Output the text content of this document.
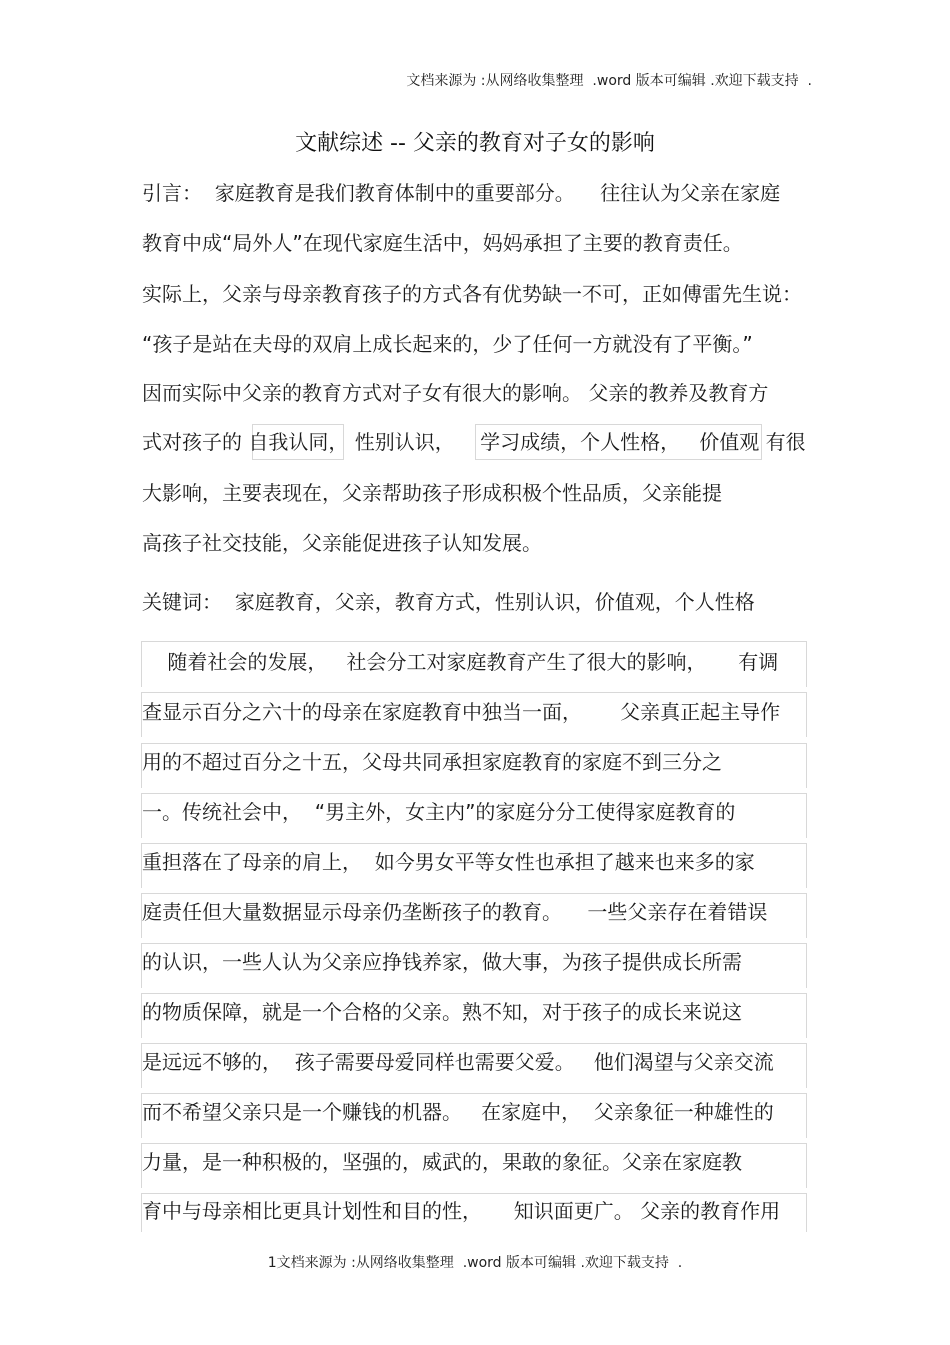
文档来源为 :从网络收集整理  .word 版本可编辑 .欢迎下载支持  .
文献综述 -- 父亲的教育对子女的影响
引言：  家庭教育是我们教育体制中的重要部分。    往往认为父亲在家庭
教育中成“局外人”在现代家庭生活中，妈妈承担了主要的教育责任。
实际上，父亲与母亲教育孩子的方式各有优势缺一不可，正如傅雷先生说：
“孩子是站在夫母的双肩上成长起来的，少了任何一方就没有了平衡。”
因而实际中父亲的教育方式对子女有很大的影响。 父亲的教养及教育方
式对孩子的 自我认同， 性别认识，    学习成绩，个人性格，   价值观 有很
大影响，主要表现在，父亲帮助孩子形成积极个性品质，父亲能提
高孩子社交技能，父亲能促进孩子认知发展。
关键词：  家庭教育，父亲，教育方式，性别认识，价值观，个人性格
随着社会的发展，   社会分工对家庭教育产生了很大的影响，     有调
查显示百分之六十的母亲在家庭教育中独当一面，      父亲真正起主导作
用的不超过百分之十五，父母共同承担家庭教育的家庭不到三分之
一。传统社会中，  “男主外，女主内”的家庭分分工使得家庭教育的
重担落在了母亲的肩上，  如今男女平等女性也承担了越来也来多的家
庭责任但大量数据显示母亲仍垄断孩子的教育。    一些父亲存在着错误
的认识，一些人认为父亲应挣钱养家，做大事，为孩子提供成长所需
的物质保障，就是一个合格的父亲。熟不知，对于孩子的成长来说这
是远远不够的，  孩子需要母爱同样也需要父爱。   他们渴望与父亲交流
而不希望父亲只是一个赚钱的机器。   在家庭中，  父亲象征一种雄性的
力量，是一种积极的，坚强的，威武的，果敢的象征。父亲在家庭教
育中与母亲相比更具计划性和目的性，     知识面更广。 父亲的教育作用
1文档来源为 :从网络收集整理  .word 版本可编辑 .欢迎下载支持  .
